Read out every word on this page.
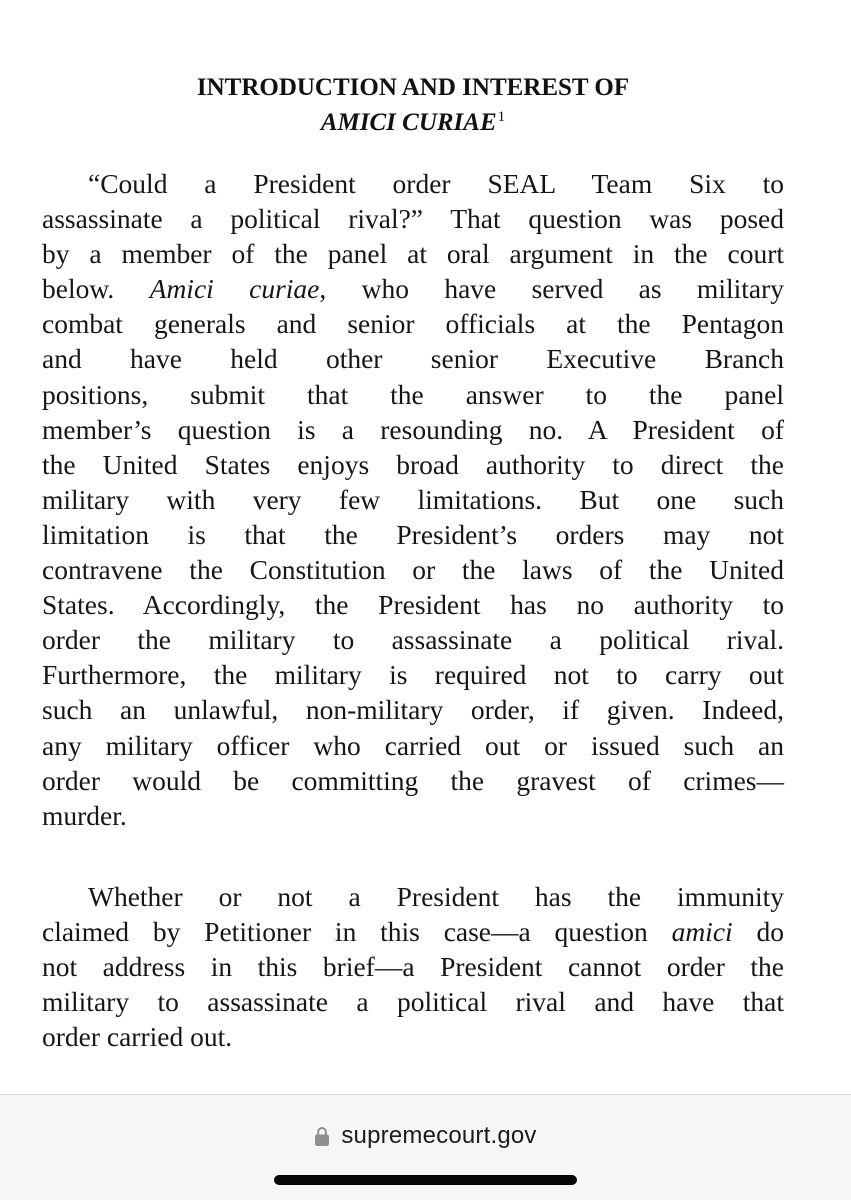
INTRODUCTION AND INTEREST OF
AMICI CURIAE$^1$
“Could a President order SEAL Team Six to
assassinate a political rival?” That question was posed
by a member of the panel at oral argument in the court
below. Amici curiae, who have served as military
combat generals and senior officials at the Pentagon
and have held other senior Executive Branch
positions, submit that the answer to the panel
member’s question is a resounding no. A President of
the United States enjoys broad authority to direct the
military with very few limitations. But one such
limitation is that the President’s orders may not
contravene the Constitution or the laws of the United
States. Accordingly, the President has no authority to
order the military to assassinate a political rival.
Furthermore, the military is required not to carry out
such an unlawful, non-military order, if given. Indeed,
any military officer who carried out or issued such an
order would be committing the gravest of crimes—
murder.
Whether or not a President has the immunity
claimed by Petitioner in this case—a question amici do
not address in this brief—a President cannot order the
military to assassinate a political rival and have that
order carried out.
supremecourt.gov
